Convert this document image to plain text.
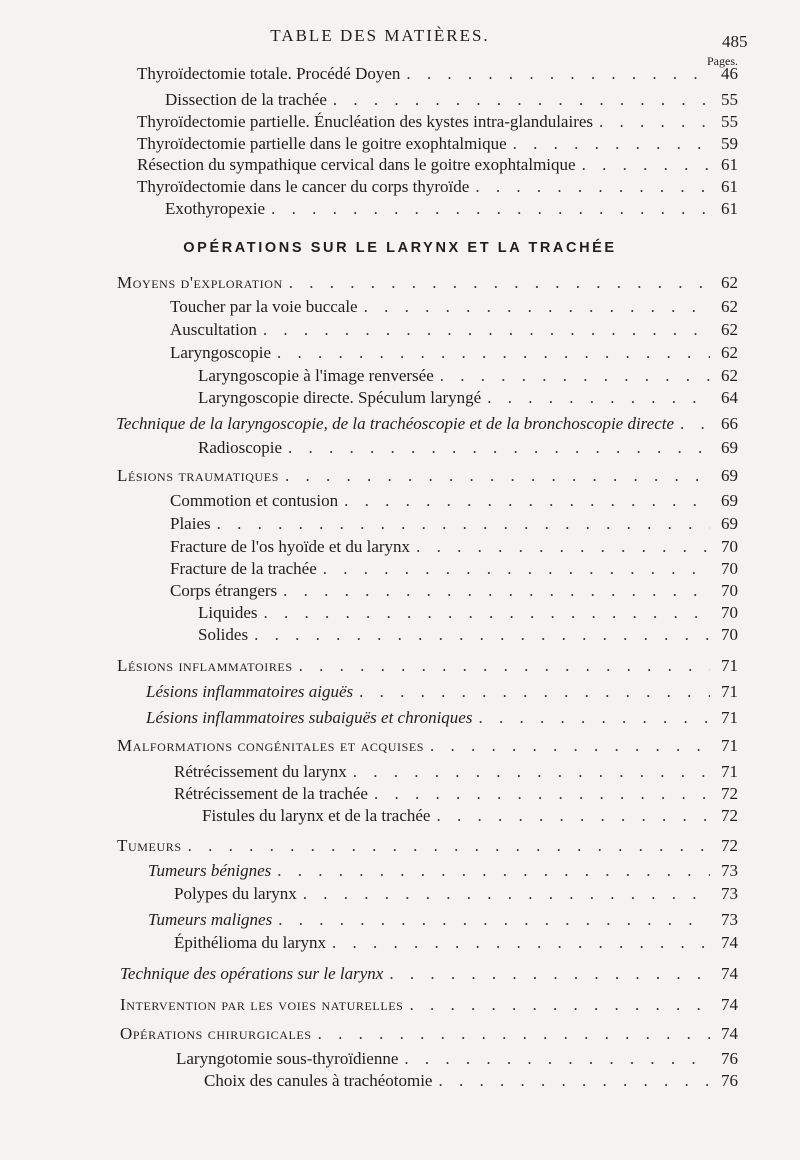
TABLE DES MATIÈRES.	485
Pages.
Thyroïdectomie totale. Procédé Doyen . . .	46
Dissection de la trachée . . .	55
Thyroïdectomie partielle. Énucléation des kystes intra-glandulaires . . .	55
Thyroïdectomie partielle dans le goitre exophtalmique . . .	59
Résection du sympathique cervical dans le goitre exophtalmique . . .	61
Thyroïdectomie dans le cancer du corps thyroïde . . .	61
Exothyropexie . . .	61
OPÉRATIONS SUR LE LARYNX ET LA TRACHÉE
Moyens d'exploration . . .	62
Toucher par la voie buccale . . .	62
Auscultation . . .	62
Laryngoscopie . . .	62
Laryngoscopie à l'image renversée . . .	62
Laryngoscopie directe. Spéculum laryngé . . .	64
Technique de la laryngoscopie, de la trachéoscopie et de la bronchoscopie directe . . .	66
Radioscopie . . .	69
Lésions traumatiques . . .	69
Commotion et contusion . . .	69
Plaies . . .	69
Fracture de l'os hyoïde et du larynx . . .	70
Fracture de la trachée . . .	70
Corps étrangers . . .	70
Liquides . . .	70
Solides . . .	70
Lésions inflammatoires . . .	71
Lésions inflammatoires aiguës . . .	71
Lésions inflammatoires subaiguës et chroniques . . .	71
Malformations congénitales et acquises . . .	71
Rétrécissement du larynx . . .	71
Rétrécissement de la trachée . . .	72
Fistules du larynx et de la trachée . . .	72
Tumeurs . . .	72
Tumeurs bénignes . . .	73
Polypes du larynx . . .	73
Tumeurs malignes . . .	73
Épithélioma du larynx . . .	74
Technique des opérations sur le larynx . . .	74
Intervention par les voies naturelles . . .	74
Opérations chirurgicales . . .	74
Laryngotomie sous-thyroïdienne . . .	76
Choix des canules à trachéotomie . . .	76
